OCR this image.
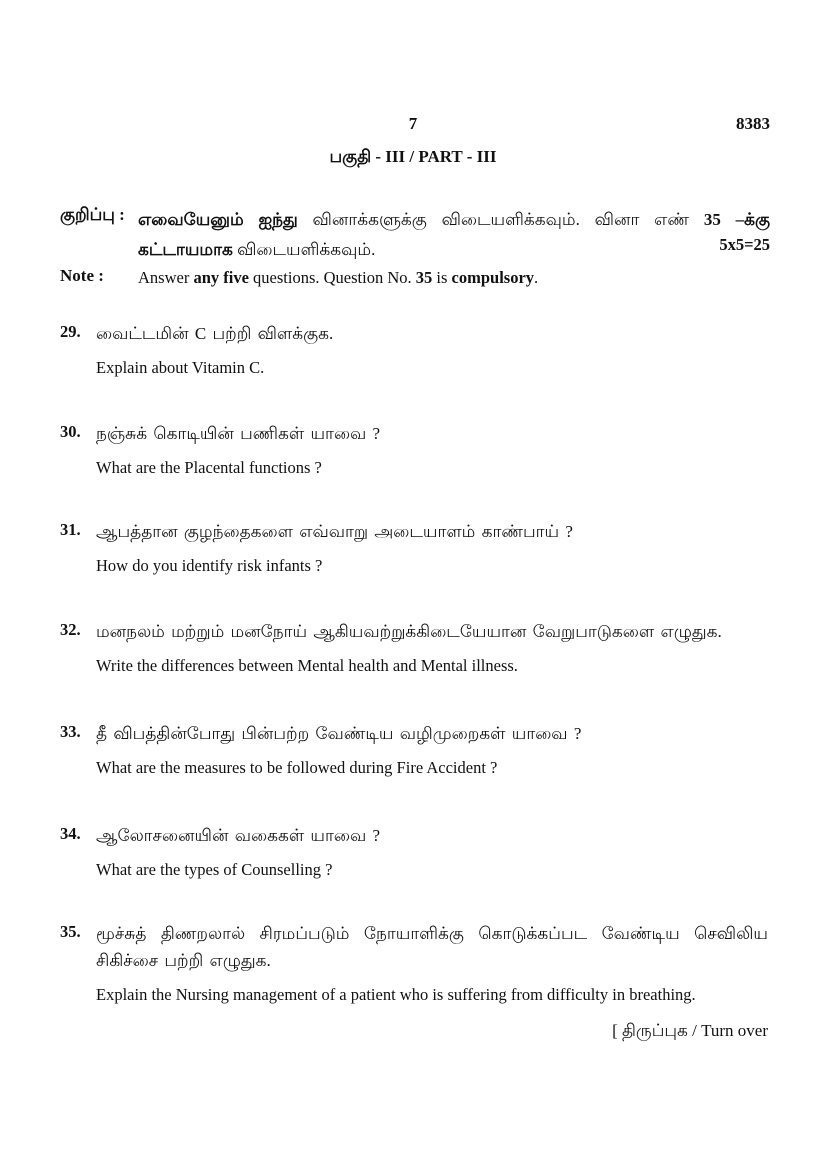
7	8383
பகுதி - III / PART - III
குறிப்பு : எவையேனும் ஐந்து வினாக்களுக்கு விடையளிக்கவும். வினா எண் 35 –க்கு கட்டாயமாக விடையளிக்கவும்.	5x5=25
Note : Answer any five questions. Question No. 35 is compulsory.
29. வைட்டமின் C பற்றி விளக்குக.
Explain about Vitamin C.
30. நஞ்சுக் கொடியின் பணிகள் யாவை ?
What are the Placental functions ?
31. ஆபத்தான குழந்தைகளை எவ்வாறு அடையாளம் காண்பாய் ?
How do you identify risk infants ?
32. மனநலம் மற்றும் மனநோய் ஆகியவற்றுக்கிடையேயான வேறுபாடுகளை எழுதுக.
Write the differences between Mental health and Mental illness.
33. தீ விபத்தின்போது பின்பற்ற வேண்டிய வழிமுறைகள் யாவை ?
What are the measures to be followed during Fire Accident ?
34. ஆலோசனையின் வகைகள் யாவை ?
What are the types of Counselling ?
35. மூச்சுத் திணறலால் சிரமப்படும் நோயாளிக்கு கொடுக்கப்பட வேண்டிய செவிலிய சிகிச்சை பற்றி எழுதுக.
Explain the Nursing management of a patient who is suffering from difficulty in breathing.
[ திருப்புக / Turn over
